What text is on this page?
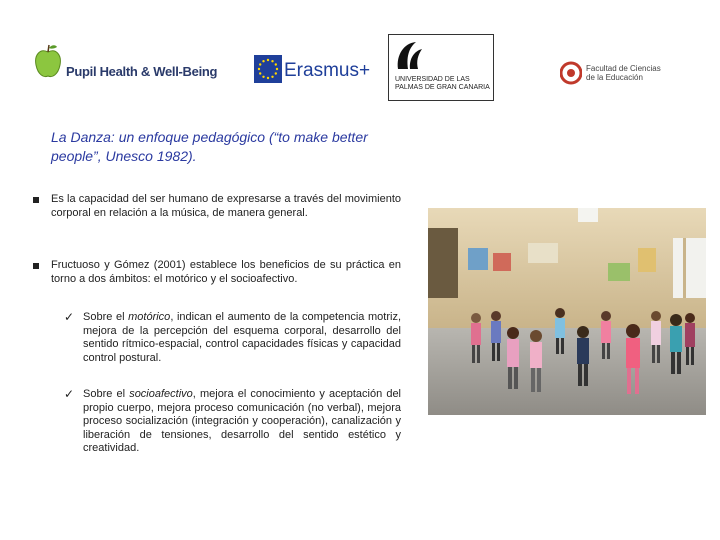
Pupil Health & Well-Being	Erasmus+	UNIVERSIDAD DE LAS PALMAS DE GRAN CANARIA
Facultad de Ciencias de la Educación
La Danza: un enfoque pedagógico (“to make better people”, Unesco 1982).
Es la capacidad del ser humano de expresarse a través del movimiento corporal en relación a la música, de manera general.
Fructuoso y Gómez (2001) establece los beneficios de su práctica en torno a dos ámbitos: el motórico y el socioafectivo.
✓ Sobre el motórico, indican el aumento de la competencia motriz, mejora de la percepción del esquema corporal, desarrollo del sentido rítmico-espacial, control capacidades físicas y capacidad control postural.
✓ Sobre el socioafectivo, mejora el conocimiento y aceptación del propio cuerpo, mejora proceso comunicación (no verbal), mejora proceso socialización (integración y cooperación), canalización y liberación de tensiones, desarrollo del sentido estético y creatividad.
